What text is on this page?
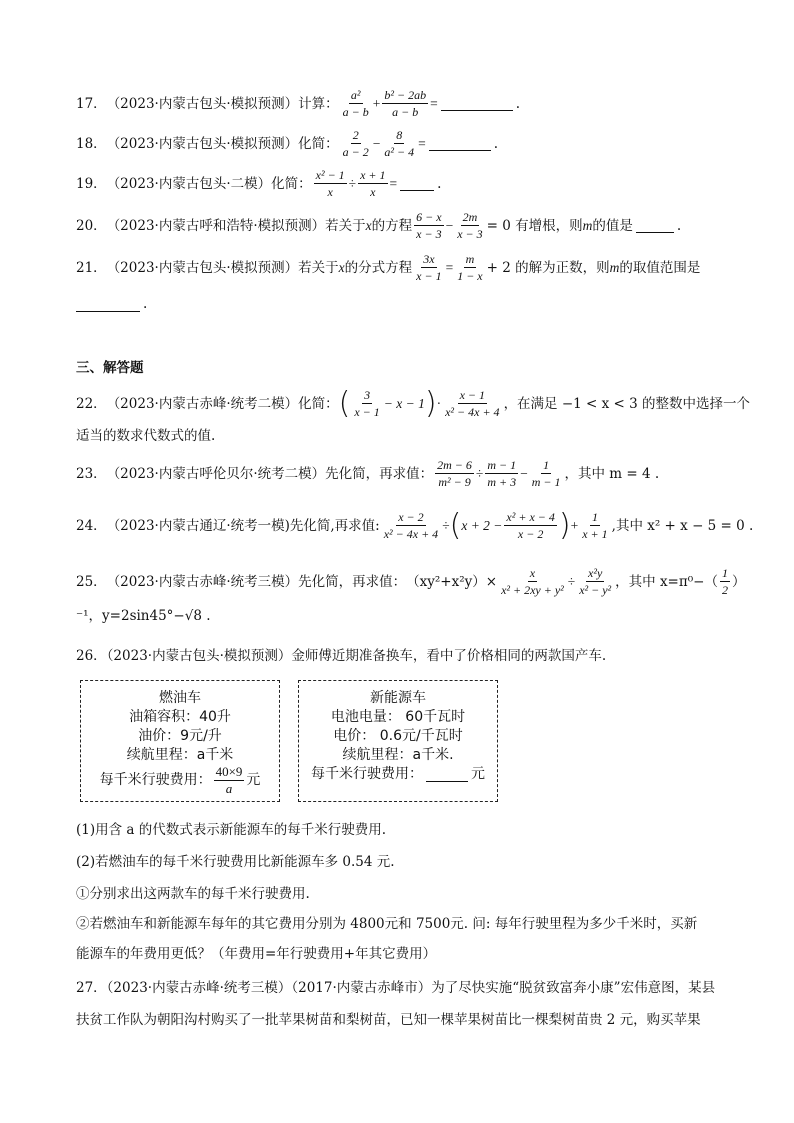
17． （2023·内蒙古包头·模拟预测）计算： $\frac{\text{a²}}{a - b} + \frac{\text{b² − 2ab}}{a - b}$ =	.
18． （2023·内蒙古包头·模拟预测）化简： $\frac{2}{a - 2} - \frac{8}{\text{a² − 4}}$ =	.
19． （2023·内蒙古包头·二模）化简： $\frac{\text{x² − 1}}{x} \div \frac{x + 1}{x}$ =	.
20． （2023·内蒙古呼和浩特·模拟预测）若关于 x 的方程 $\frac{6 - x}{x - 3} - \frac{2m}{x - 3} = 0$ 有增根，则 m 的值是	.
21． （2023·内蒙古包头·模拟预测）若关于 x 的分式方程 $\frac{3x}{x - 1} = \frac{m}{1 - x} + 2$ 的解为正数，则 m 的取值范围是
.
三、解答题
22． （2023·内蒙古赤峰·统考二模）化简： ( $\frac{3}{x - 1} - x - 1$ ) · $\frac{x - 1}{\text{x² − 4x + 4}}$ ，在满足 −1 < x < 3 的整数中选择一个
适当的数求代数式的值.
23． （2023·内蒙古呼伦贝尔·统考二模）先化简，再求值： $\frac{2m - 6}{\text{m² − 9}} \div \frac{m - 1}{m + 3} - \frac{1}{m - 1}$ ，其中 m = 4 .
24． （2023·内蒙古通辽·统考一模)先化简,再求值: $\frac{x - 2}{\text{x² − 4x + 4}}$ ÷ ( $x + 2 - \frac{\text{x² + x − 4}}{x - 2}$ ) + $\frac{1}{x + 1}$ ,其中 x² + x − 5 = 0 .
25． （2023·内蒙古赤峰·统考三模）先化简，再求值： $(xy^2+x^2y)\times \frac{x}{\text{x² + 2xy + y²}} \div \frac{\text{x²y}}{\text{x² − y²}}$ ，其中 $x=\pi^0-( \frac{1}{2}$ ）
⁻¹，y=2sin45°−√8 .
26．（2023·内蒙古包头·模拟预测）金师傅近期准备换车，看中了价格相同的两款国产车.
燃油车
油箱容积：40升
油价：9元/升
续航里程：a千米
每千米行驶费用： $\frac{40\times 9}{a}$ 元
新能源车
电池电量： 60千瓦时
电价： 0.6元/千瓦时
续航里程：a千米.
每千米行驶费用：	元
(1)用含 a 的代数式表示新能源车的每千米行驶费用.
(2)若燃油车的每千米行驶费用比新能源车多 0.54 元.
①分别求出这两款车的每千米行驶费用.
②若燃油车和新能源车每年的其它费用分别为 4800元和 7500元. 问: 每年行驶里程为多少千米时，买新
能源车的年费用更低？（年费用=年行驶费用+年其它费用）
27．（2023·内蒙古赤峰·统考三模）（2017·内蒙古赤峰市）为了尽快实施“脱贫致富奔小康”宏伟意图，某县
扶贫工作队为朝阳沟村购买了一批苹果树苗和梨树苗，已知一棵苹果树苗比一棵梨树苗贵 2 元，购买苹果
